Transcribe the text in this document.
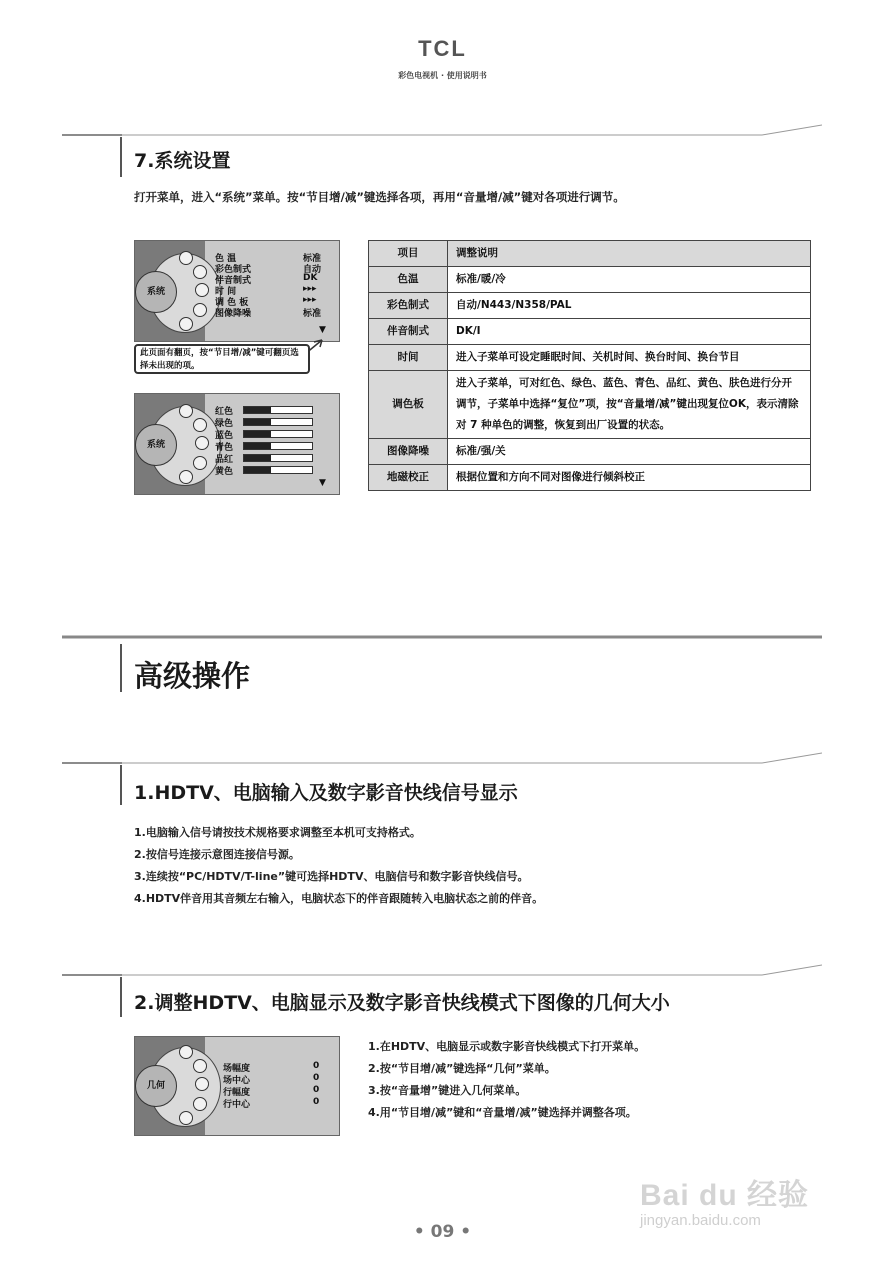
TCL
彩色电视机 · 使用说明书
7.系统设置
打开菜单，进入“系统”菜单。按“节目增/减”键选择各项，再用“音量增/减”键对各项进行调节。
系统
色 温	标准
彩色制式	自动
伴音制式	DK
时 间	▸▸▸
调 色 板	▸▸▸
图像降噪	标准
▼
此页面有翻页，按“节目增/减”键可翻页选择未出现的项。
系统
红色
绿色
蓝色
青色
品红
黄色
▼
项目	调整说明
色温	标准/暖/冷
彩色制式	自动/N443/N358/PAL
伴音制式	DK/I
时间	进入子菜单可设定睡眠时间、关机时间、换台时间、换台节目
调色板	进入子菜单，可对红色、绿色、蓝色、青色、品红、黄色、肤色进行分开调节，子菜单中选择“复位”项，按“音量增/减”键出现复位OK，表示清除对 7 种单色的调整，恢复到出厂设置的状态。
图像降噪	标准/强/关
地磁校正	根据位置和方向不同对图像进行倾斜校正
高级操作
1.HDTV、电脑输入及数字影音快线信号显示
1.电脑输入信号请按技术规格要求调整至本机可支持格式。
2.按信号连接示意图连接信号源。
3.连续按“PC/HDTV/T-line”键可选择HDTV、电脑信号和数字影音快线信号。
4.HDTV伴音用其音频左右输入，电脑状态下的伴音跟随转入电脑状态之前的伴音。
2.调整HDTV、电脑显示及数字影音快线模式下图像的几何大小
几何
场幅度	0
场中心	0
行幅度	0
行中心	0
1.在HDTV、电脑显示或数字影音快线模式下打开菜单。
2.按“节目增/减”键选择“几何”菜单。
3.按“音量增”键进入几何菜单。
4.用“节目增/减”键和“音量增/减”键选择并调整各项。
Bai du 经验
jingyan.baidu.com
• 09 •
